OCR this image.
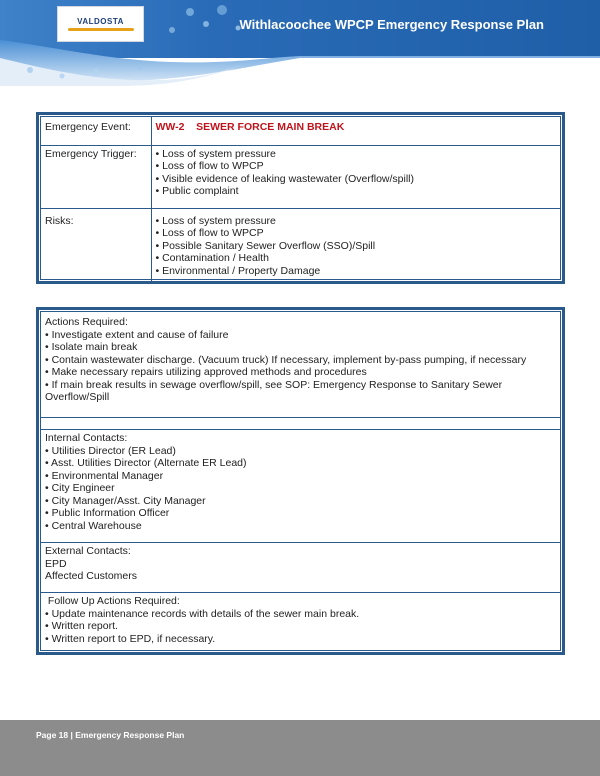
VALDOSTA	Withlacoochee WPCP Emergency Response Plan
Emergency Event:	WW-2 SEWER FORCE MAIN BREAK
Emergency Trigger:	• Loss of system pressure
• Loss of flow to WPCP
• Visible evidence of leaking wastewater (Overflow/spill)
• Public complaint

Risks:	• Loss of system pressure
• Loss of flow to WPCP
• Possible Sanitary Sewer Overflow (SSO)/Spill
• Contamination / Health
• Environmental / Property Damage
Actions Required:
• Investigate extent and cause of failure
• Isolate main break
• Contain wastewater discharge. (Vacuum truck) If necessary, implement by-pass pumping, if necessary
• Make necessary repairs utilizing approved methods and procedures
• If main break results in sewage overflow/spill, see SOP: Emergency Response to Sanitary Sewer Overflow/Spill
Internal Contacts:
• Utilities Director (ER Lead)
• Asst. Utilities Director (Alternate ER Lead)
• Environmental Manager
• City Engineer
• City Manager/Asst. City Manager
• Public Information Officer
• Central Warehouse
External Contacts:
EPD
Affected Customers
Follow Up Actions Required:
• Update maintenance records with details of the sewer main break.
• Written report.
• Written report to EPD, if necessary.
Page 18 | Emergency Response Plan
